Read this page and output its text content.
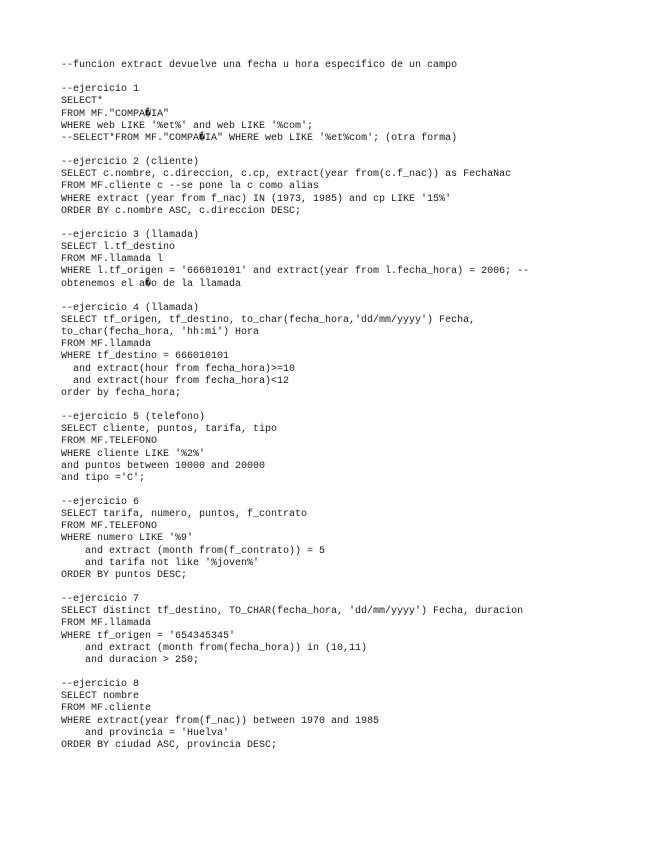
--funcion extract devuelve una fecha u hora especifico de un campo
--ejercicio 1
SELECT*
FROM MF."COMPA�IA"
WHERE web LIKE '%et%' and web LIKE '%com';
--SELECT*FROM MF."COMPA�IA" WHERE web LIKE '%et%com'; (otra forma)
--ejercicio 2 (cliente)
SELECT c.nombre, c.direccion, c.cp, extract(year from(c.f_nac)) as FechaNac
FROM MF.cliente c --se pone la c como alias
WHERE extract (year from f_nac) IN (1973, 1985) and cp LIKE '15%'
ORDER BY c.nombre ASC, c.direccion DESC;
--ejercicio 3 (llamada)
SELECT l.tf_destino
FROM MF.llamada l
WHERE l.tf_origen = '666010101' and extract(year from l.fecha_hora) = 2006; --
obtenemos el a�o de la llamada
--ejercicio 4 (llamada)
SELECT tf_origen, tf_destino, to_char(fecha_hora,'dd/mm/yyyy') Fecha,
to_char(fecha_hora, 'hh:mi') Hora
FROM MF.llamada
WHERE tf_destino = 666010101
and extract(hour from fecha_hora)>=10
and extract(hour from fecha_hora)<12
order by fecha_hora;
--ejercicio 5 (telefono)
SELECT cliente, puntos, tarifa, tipo
FROM MF.TELEFONO
WHERE cliente LIKE '%2%'
and puntos between 10000 and 20000
and tipo ='C';
--ejercicio 6
SELECT tarifa, numero, puntos, f_contrato
FROM MF.TELEFONO
WHERE numero LIKE '%9'
and extract (month from(f_contrato)) = 5
and tarifa not like '%joven%'
ORDER BY puntos DESC;
--ejercicio 7
SELECT distinct tf_destino, TO_CHAR(fecha_hora, 'dd/mm/yyyy') Fecha, duracion
FROM MF.llamada
WHERE tf_origen = '654345345'
and extract (month from(fecha_hora)) in (10,11)
and duracion > 250;
--ejercicio 8
SELECT nombre
FROM MF.cliente
WHERE extract(year from(f_nac)) between 1970 and 1985
and provincia = 'Huelva'
ORDER BY ciudad ASC, provincia DESC;
